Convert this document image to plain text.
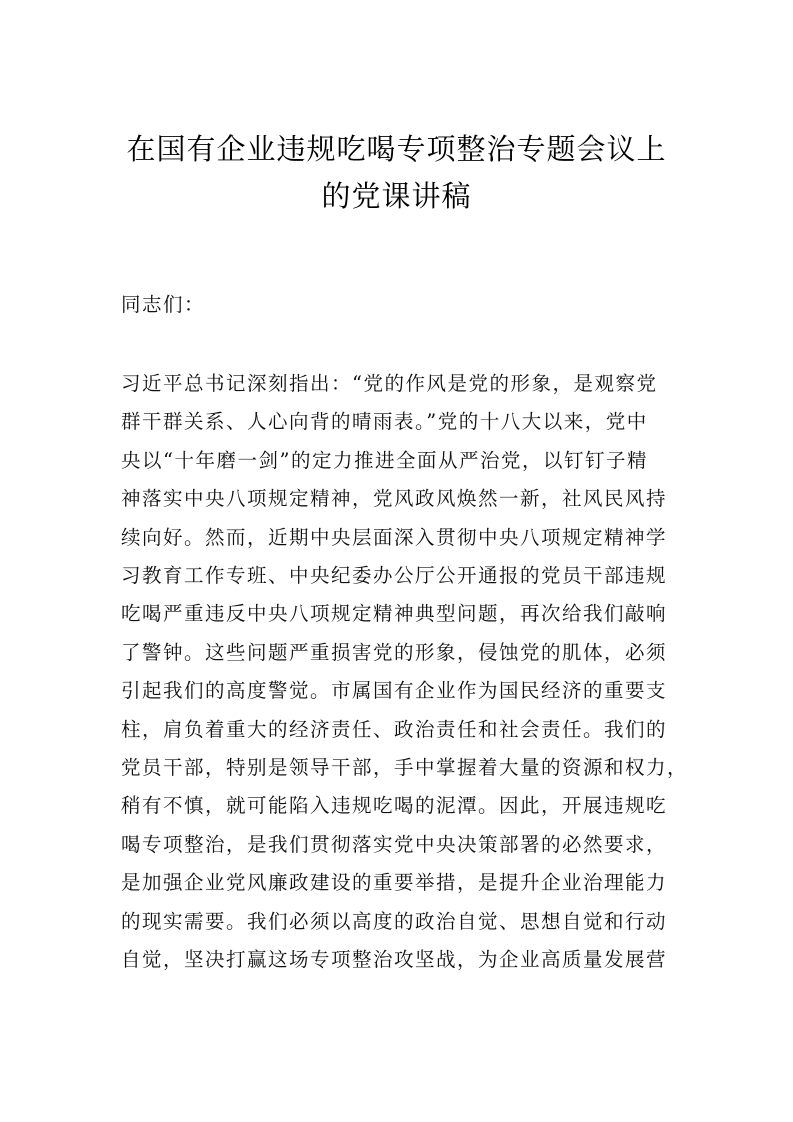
在国有企业违规吃喝专项整治专题会议上
的党课讲稿
同志们：

习近平总书记深刻指出：“党的作风是党的形象，是观察党
群干群关系、人心向背的晴雨表。”党的十八大以来，党中
央以“十年磨一剑”的定力推进全面从严治党，以钉钉子精
神落实中央八项规定精神，党风政风焕然一新，社风民风持
续向好。然而，近期中央层面深入贯彻中央八项规定精神学
习教育工作专班、中央纪委办公厅公开通报的党员干部违规
吃喝严重违反中央八项规定精神典型问题，再次给我们敲响
了警钟。这些问题严重损害党的形象，侵蚀党的肌体，必须
引起我们的高度警觉。市属国有企业作为国民经济的重要支
柱，肩负着重大的经济责任、政治责任和社会责任。我们的
党员干部，特别是领导干部，手中掌握着大量的资源和权力，
稍有不慎，就可能陷入违规吃喝的泥潭。因此，开展违规吃
喝专项整治，是我们贯彻落实党中央决策部署的必然要求，
是加强企业党风廉政建设的重要举措，是提升企业治理能力
的现实需要。我们必须以高度的政治自觉、思想自觉和行动
自觉，坚决打赢这场专项整治攻坚战，为企业高质量发展营
